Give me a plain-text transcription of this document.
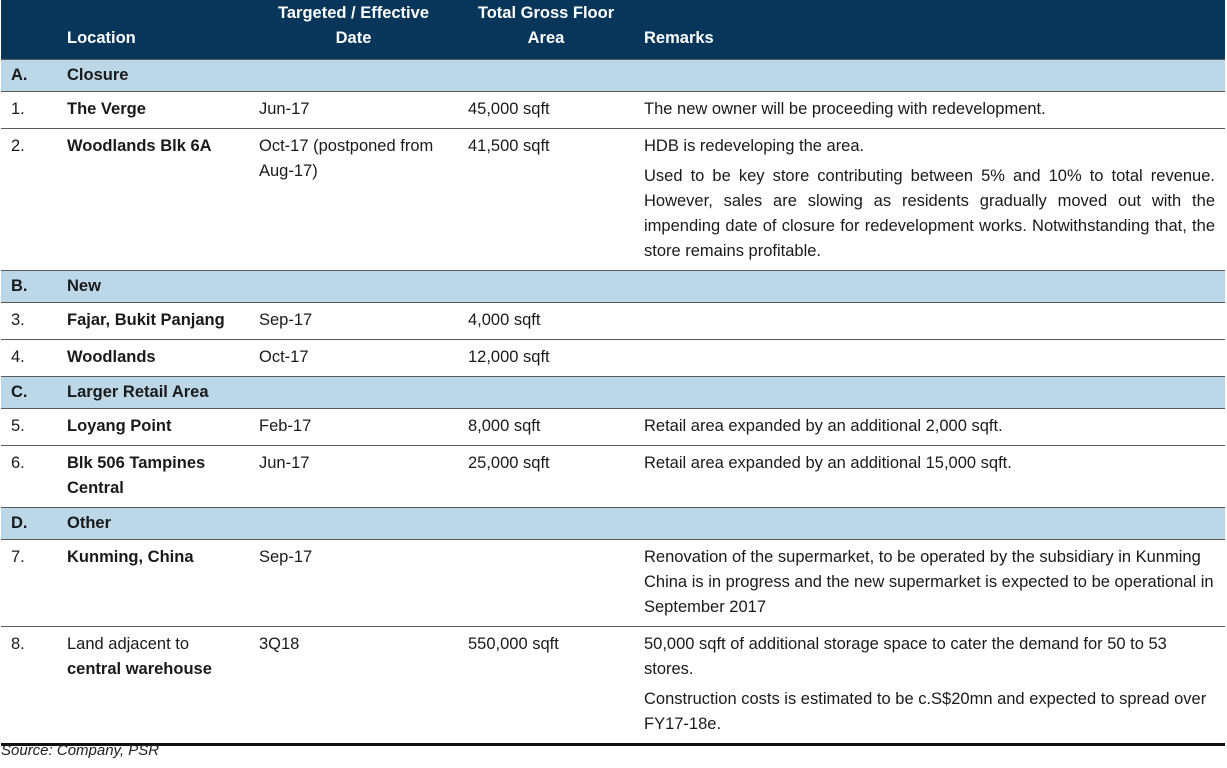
	Location	Targeted / Effective Date	Total Gross Floor Area	Remarks
A.	Closure			
1.	The Verge	Jun-17	45,000 sqft	The new owner will be proceeding with redevelopment.

2.	Woodlands Blk 6A	Oct-17 (postponed from Aug-17)	41,500 sqft	HDB is redeveloping the area.

Used to be key store contributing between 5% and 10% to total revenue. However, sales are slowing as residents gradually moved out with the impending date of closure for redevelopment works. Notwithstanding that, the store remains profitable.

B.	New			
3.	Fajar, Bukit Panjang	Sep-17	4,000 sqft	
4.	Woodlands	Oct-17	12,000 sqft	
C.	Larger Retail Area			
5.	Loyang Point	Feb-17	8,000 sqft	Retail area expanded by an additional 2,000 sqft.

6.	Blk 506 Tampines Central	Jun-17	25,000 sqft	Retail area expanded by an additional 15,000 sqft.

D.	Other			
7.	Kunming, China	Sep-17		Renovation of the supermarket, to be operated by the subsidiary in Kunming China is in progress and the new supermarket is expected to be operational in September 2017

8.	Land adjacent to central warehouse	3Q18	550,000 sqft	50,000 sqft of additional storage space to cater the demand for 50 to 53 stores.

Construction costs is estimated to be c.S$20mn and expected to spread over FY17-18e.

Source: Company, PSR
